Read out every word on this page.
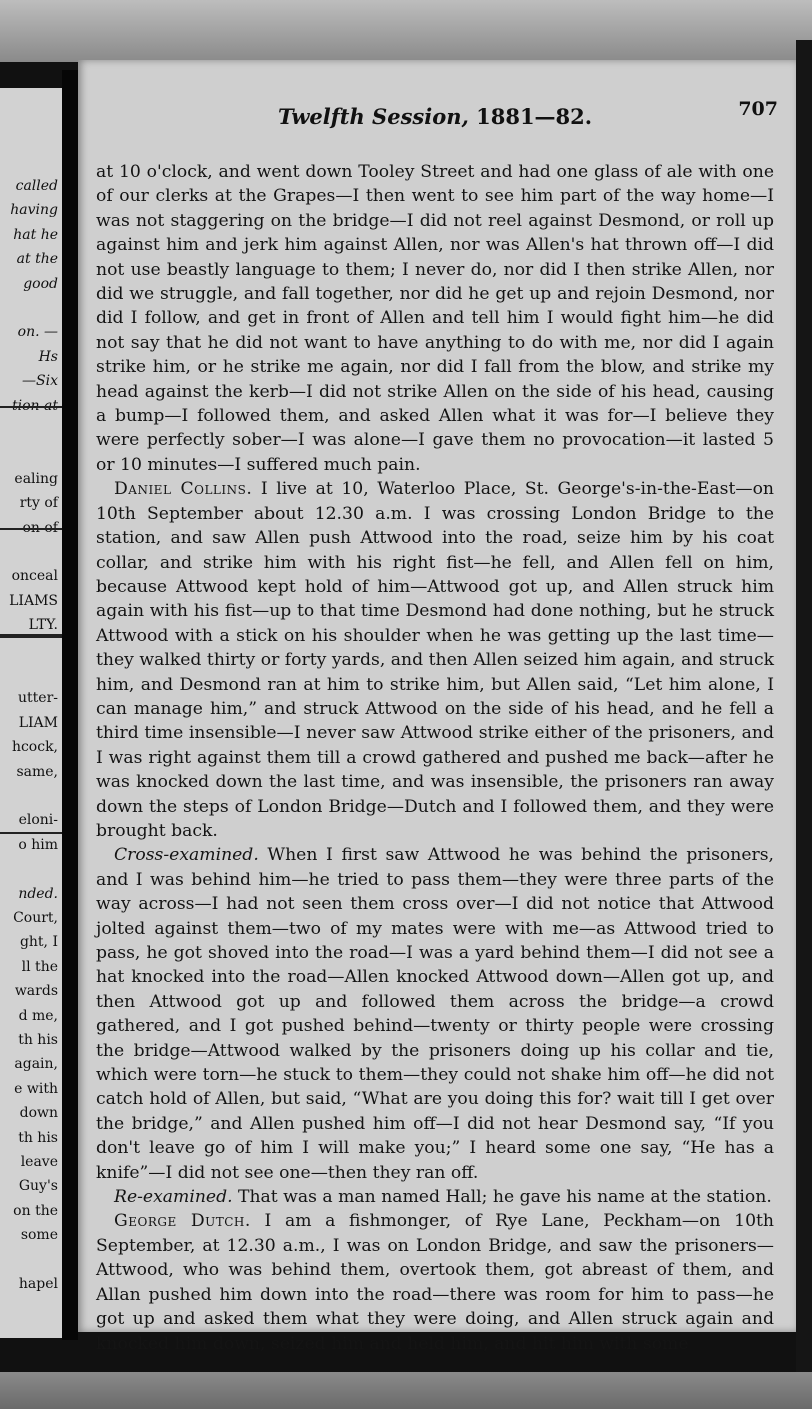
called
having
hat he
at the
good
on. —
Hs
—Six
ealing
rty of
onceal
LIAMS
LTY.
utter-
LIAM
hcock,
same,
eloni-
o him
nded.
Court,
ght, I
ll the
wards
d me,
th his
again,
e with
down
th his
leave
Guy's
on the
some
hapel
Twelfth Session, 1881—82.	707

at 10 o'clock, and went down Tooley Street and had one glass of ale with one of our clerks at the Grapes—I then went to see him part of the way home—I was not staggering on the bridge—I did not reel against Desmond, or roll up against him and jerk him against Allen, nor was Allen's hat thrown off—I did not use beastly language to them; I never do, nor did I then strike Allen, nor did we struggle, and fall together, nor did he get up and rejoin Desmond, nor did I follow, and get in front of Allen and tell him I would fight him—he did not say that he did not want to have anything to do with me, nor did I again strike him, or he strike me again, nor did I fall from the blow, and strike my head against the kerb—I did not strike Allen on the side of his head, causing a bump—I followed them, and asked Allen what it was for—I believe they were perfectly sober—I was alone—I gave them no provocation—it lasted 5 or 10 minutes—I suffered much pain.

Daniel Collins. I live at 10, Waterloo Place, St. George's-in-the-East—on 10th September about 12.30 a.m. I was crossing London Bridge to the station, and saw Allen push Attwood into the road, seize him by his coat collar, and strike him with his right fist—he fell, and Allen fell on him, because Attwood kept hold of him—Attwood got up, and Allen struck him again with his fist—up to that time Desmond had done nothing, but he struck Attwood with a stick on his shoulder when he was getting up the last time—they walked thirty or forty yards, and then Allen seized him again, and struck him, and Desmond ran at him to strike him, but Allen said, “Let him alone, I can manage him,” and struck Attwood on the side of his head, and he fell a third time insensible—I never saw Attwood strike either of the prisoners, and I was right against them till a crowd gathered and pushed me back—after he was knocked down the last time, and was insensible, the prisoners ran away down the steps of London Bridge—Dutch and I followed them, and they were brought back.

Cross-examined. When I first saw Attwood he was behind the prisoners, and I was behind him—he tried to pass them—they were three parts of the way across—I had not seen them cross over—I did not notice that Attwood jolted against them—two of my mates were with me—as Attwood tried to pass, he got shoved into the road—I was a yard behind them—I did not see a hat knocked into the road—Allen knocked Attwood down—Allen got up, and then Attwood got up and followed them across the bridge—a crowd gathered, and I got pushed behind—twenty or thirty people were crossing the bridge—Attwood walked by the prisoners doing up his collar and tie, which were torn—he stuck to them—they could not shake him off—he did not catch hold of Allen, but said, “What are you doing this for? wait till I get over the bridge,” and Allen pushed him off—I did not hear Desmond say, “If you don't leave go of him I will make you;” I heard some one say, “He has a knife”—I did not see one—then they ran off.

Re-examined. That was a man named Hall; he gave his name at the station.

George Dutch. I am a fishmonger, of Rye Lane, Peckham—on 10th September, at 12.30 a.m., I was on London Bridge, and saw the prisoners—Attwood, who was behind them, overtook them, got abreast of them, and Allan pushed him down into the road—there was room for him to pass—he got up and asked them what they were doing, and Allen struck again and knocked him down, seized him and held him, and hit him with some
